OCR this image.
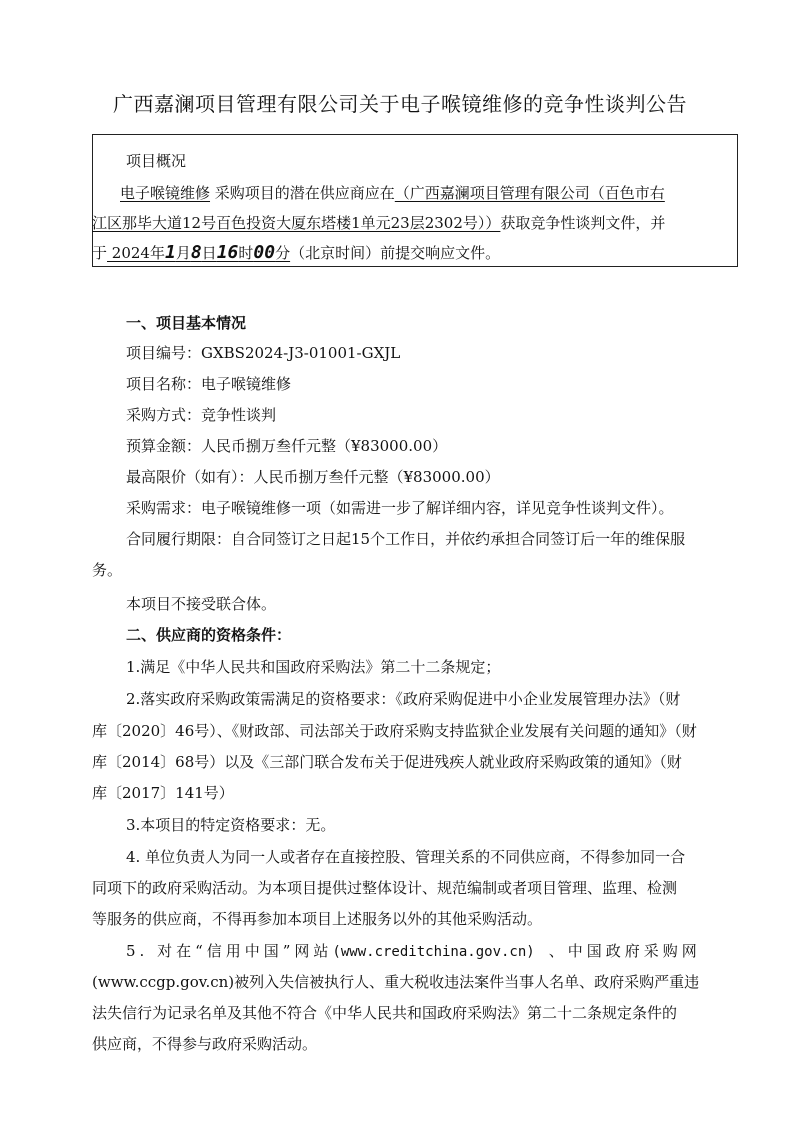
广西嘉澜项目管理有限公司关于电子喉镜维修的竞争性谈判公告
项目概况
电子喉镜维修 采购项目的潜在供应商应在（广西嘉澜项目管理有限公司（百色市右
江区那毕大道12号百色投资大厦东塔楼1单元23层2302号））获取竞争性谈判文件，并
于 2024年1月8日16时00分（北京时间）前提交响应文件。
一、项目基本情况
项目编号：GXBS2024-J3-01001-GXJL
项目名称：电子喉镜维修
采购方式：竞争性谈判
预算金额：人民币捌万叁仟元整（¥83000.00）
最高限价（如有）：人民币捌万叁仟元整（¥83000.00）
采购需求：电子喉镜维修一项（如需进一步了解详细内容，详见竞争性谈判文件）。
合同履行期限：自合同签订之日起15个工作日，并依约承担合同签订后一年的维保服
务。
本项目不接受联合体。
二、供应商的资格条件：
1.满足《中华人民共和国政府采购法》第二十二条规定；
2.落实政府采购政策需满足的资格要求：《政府采购促进中小企业发展管理办法》（财
库〔2020〕46号）、《财政部、司法部关于政府采购支持监狱企业发展有关问题的通知》（财
库〔2014〕68号）以及《三部门联合发布关于促进残疾人就业政府采购政策的通知》（财
库〔2017〕141号）
3.本项目的特定资格要求：无。
4. 单位负责人为同一人或者存在直接控股、管理关系的不同供应商，不得参加同一合
同项下的政府采购活动。为本项目提供过整体设计、规范编制或者项目管理、监理、检测
等服务的供应商，不得再参加本项目上述服务以外的其他采购活动。
5. 对在“信用中国”网站(www.creditchina.gov.cn) 、中国政府采购网
(www.ccgp.gov.cn)被列入失信被执行人、重大税收违法案件当事人名单、政府采购严重违
法失信行为记录名单及其他不符合《中华人民共和国政府采购法》第二十二条规定条件的
供应商，不得参与政府采购活动。
